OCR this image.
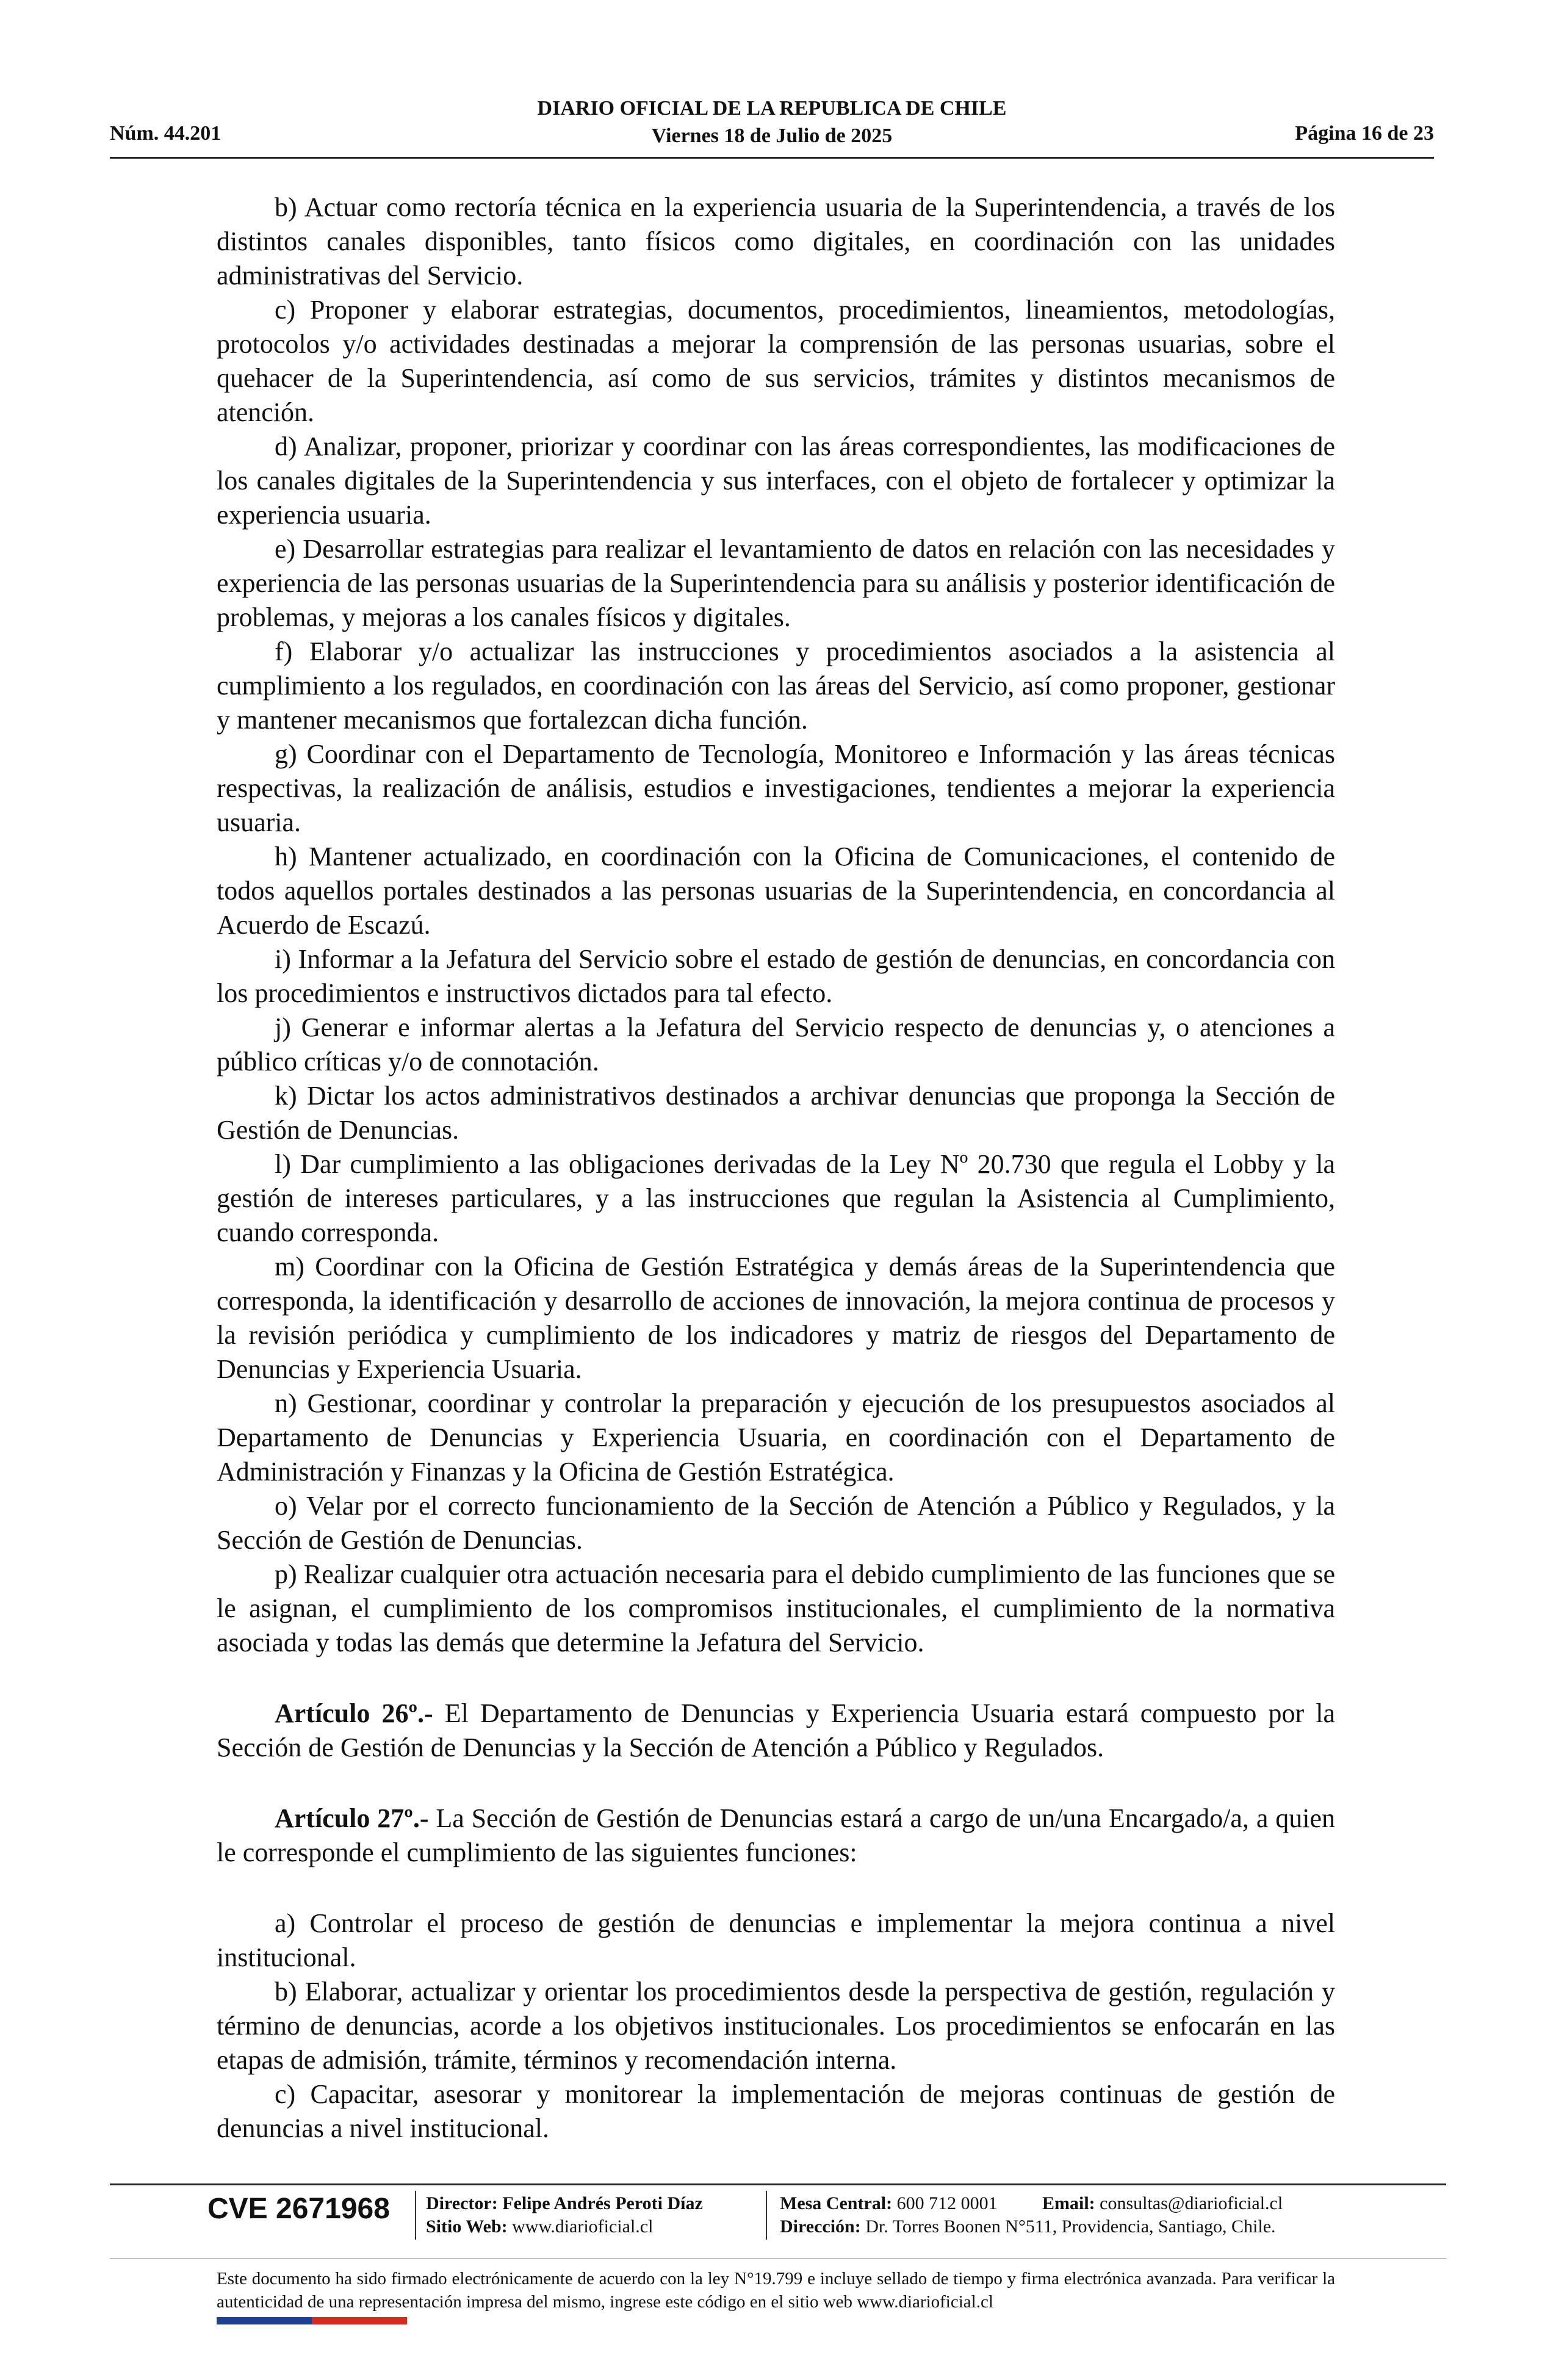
Núm. 44.201
DIARIO OFICIAL DE LA REPUBLICA DE CHILE
Viernes 18 de Julio de 2025	Página 16 de 23

b) Actuar como rectoría técnica en la experiencia usuaria de la Superintendencia, a través de los distintos canales disponibles, tanto físicos como digitales, en coordinación con las unidades administrativas del Servicio.

c) Proponer y elaborar estrategias, documentos, procedimientos, lineamientos, metodologías, protocolos y/o actividades destinadas a mejorar la comprensión de las personas usuarias, sobre el quehacer de la Superintendencia, así como de sus servicios, trámites y distintos mecanismos de atención.

d) Analizar, proponer, priorizar y coordinar con las áreas correspondientes, las modificaciones de los canales digitales de la Superintendencia y sus interfaces, con el objeto de fortalecer y optimizar la experiencia usuaria.

e) Desarrollar estrategias para realizar el levantamiento de datos en relación con las necesidades y experiencia de las personas usuarias de la Superintendencia para su análisis y posterior identificación de problemas, y mejoras a los canales físicos y digitales.

f) Elaborar y/o actualizar las instrucciones y procedimientos asociados a la asistencia al cumplimiento a los regulados, en coordinación con las áreas del Servicio, así como proponer, gestionar y mantener mecanismos que fortalezcan dicha función.

g) Coordinar con el Departamento de Tecnología, Monitoreo e Información y las áreas técnicas respectivas, la realización de análisis, estudios e investigaciones, tendientes a mejorar la experiencia usuaria.

h) Mantener actualizado, en coordinación con la Oficina de Comunicaciones, el contenido de todos aquellos portales destinados a las personas usuarias de la Superintendencia, en concordancia al Acuerdo de Escazú.

i) Informar a la Jefatura del Servicio sobre el estado de gestión de denuncias, en concordancia con los procedimientos e instructivos dictados para tal efecto.

j) Generar e informar alertas a la Jefatura del Servicio respecto de denuncias y, o atenciones a público críticas y/o de connotación.

k) Dictar los actos administrativos destinados a archivar denuncias que proponga la Sección de Gestión de Denuncias.

l) Dar cumplimiento a las obligaciones derivadas de la Ley Nº 20.730 que regula el Lobby y la gestión de intereses particulares, y a las instrucciones que regulan la Asistencia al Cumplimiento, cuando corresponda.

m) Coordinar con la Oficina de Gestión Estratégica y demás áreas de la Superintendencia que corresponda, la identificación y desarrollo de acciones de innovación, la mejora continua de procesos y la revisión periódica y cumplimiento de los indicadores y matriz de riesgos del Departamento de Denuncias y Experiencia Usuaria.

n) Gestionar, coordinar y controlar la preparación y ejecución de los presupuestos asociados al Departamento de Denuncias y Experiencia Usuaria, en coordinación con el Departamento de Administración y Finanzas y la Oficina de Gestión Estratégica.

o) Velar por el correcto funcionamiento de la Sección de Atención a Público y Regulados, y la Sección de Gestión de Denuncias.

p) Realizar cualquier otra actuación necesaria para el debido cumplimiento de las funciones que se le asignan, el cumplimiento de los compromisos institucionales, el cumplimiento de la normativa asociada y todas las demás que determine la Jefatura del Servicio.

Artículo 26º.- El Departamento de Denuncias y Experiencia Usuaria estará compuesto por la Sección de Gestión de Denuncias y la Sección de Atención a Público y Regulados.

Artículo 27º.- La Sección de Gestión de Denuncias estará a cargo de un/una Encargado/a, a quien le corresponde el cumplimiento de las siguientes funciones:

a) Controlar el proceso de gestión de denuncias e implementar la mejora continua a nivel institucional.

b) Elaborar, actualizar y orientar los procedimientos desde la perspectiva de gestión, regulación y término de denuncias, acorde a los objetivos institucionales. Los procedimientos se enfocarán en las etapas de admisión, trámite, términos y recomendación interna.

c) Capacitar, asesorar y monitorear la implementación de mejoras continuas de gestión de denuncias a nivel institucional.

CVE 2671968 Director: Felipe Andrés Peroti Díaz
Sitio Web: www.diarioficial.cl
Mesa Central: 600 712 0001
Dirección: Dr. Torres Boonen N°511, Providencia, Santiago, Chile.
Email: consultas@diarioficial.cl
Este documento ha sido firmado electrónicamente de acuerdo con la ley N°19.799 e incluye sellado de tiempo y firma electrónica avanzada. Para verificar la autenticidad de una representación impresa del mismo, ingrese este código en el sitio web www.diarioficial.cl
